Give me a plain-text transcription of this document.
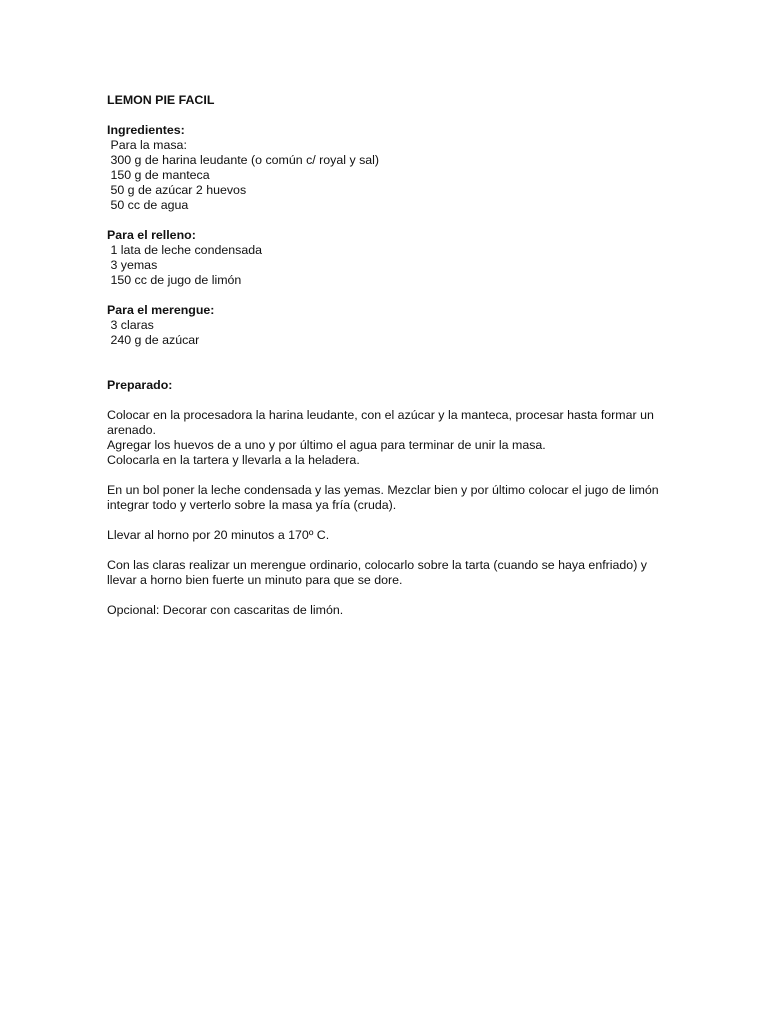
LEMON PIE FACIL

Ingredientes:

Para la masa:

300 g de harina leudante (o común c/ royal y sal)

150 g de manteca

50 g de azúcar 2 huevos

50 cc de agua

Para el relleno:

1 lata de leche condensada

3 yemas

150 cc de jugo de limón

Para el merengue:

3 claras

240 g de azúcar

Preparado:

Colocar en la procesadora la harina leudante, con el azúcar y la manteca, procesar hasta formar un arenado.

Agregar los huevos de a uno y por último el agua para terminar de unir la masa.

Colocarla en la tartera y llevarla a la heladera.

En un bol poner la leche condensada y las yemas. Mezclar bien y por último colocar el jugo de limón integrar todo y verterlo sobre la masa ya fría (cruda).

Llevar al horno por 20 minutos a 170º C.

Con las claras realizar un merengue ordinario, colocarlo sobre la tarta (cuando se haya enfriado) y llevar a horno bien fuerte un minuto para que se dore.

Opcional: Decorar con cascaritas de limón.
